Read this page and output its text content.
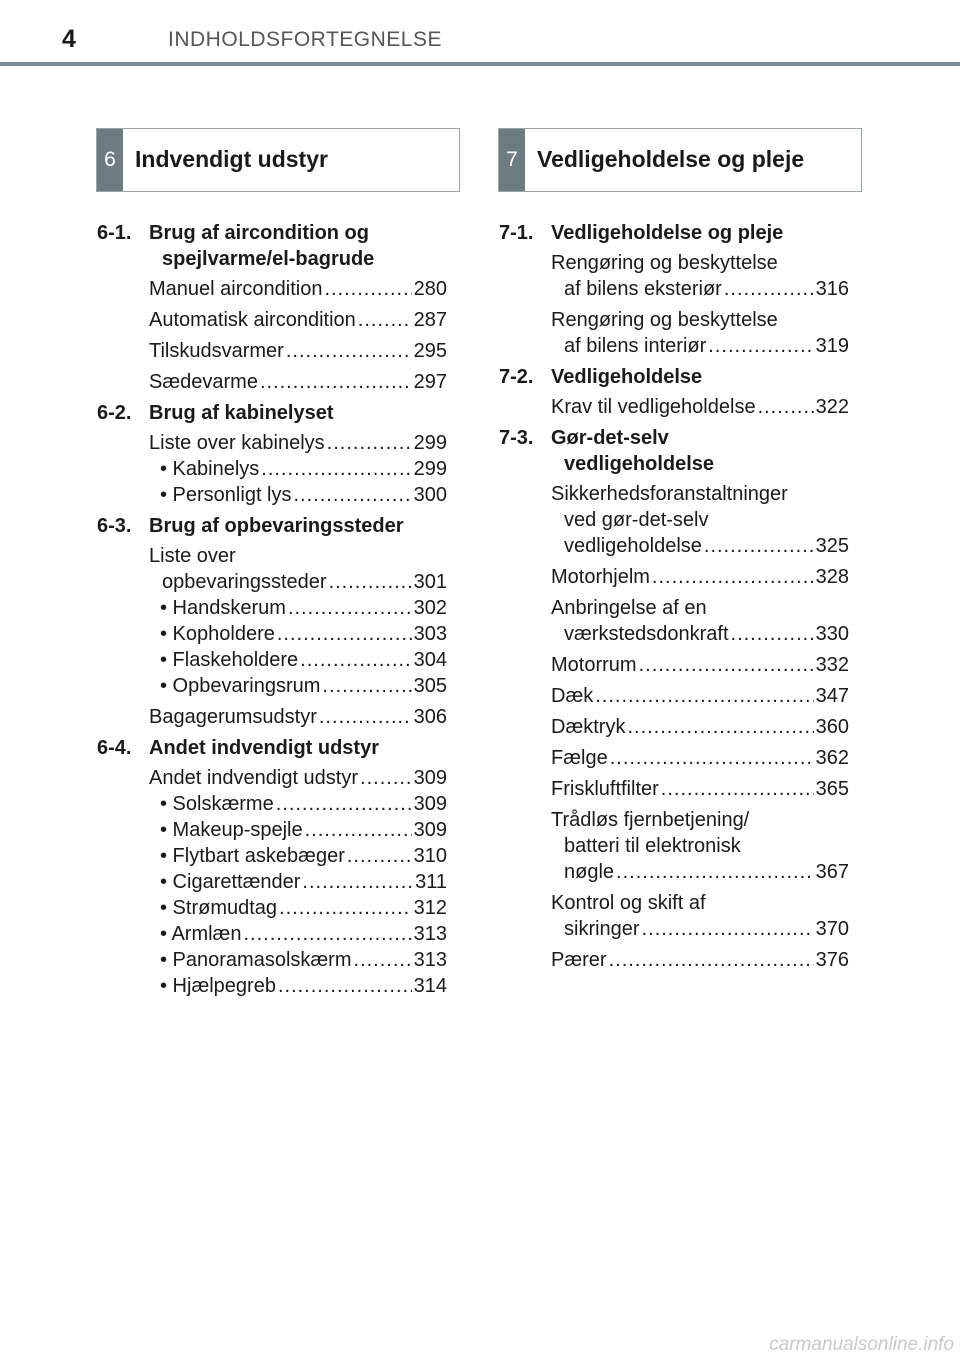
4	INDHOLDSFORTEGNELSE
6 Indvendigt udstyr	7 Vedligeholdelse og pleje
6-1. Brug af aircondition og
spejlvarme/el-bagrude
Manuel aircondition .....	280
Automatisk aircondition .....	287
Tilskudsvarmer .....	295
Sædevarme .....	297
6-2. Brug af kabinelyset
Liste over kabinelys .....	299
• Kabinelys .....	299
• Personligt lys .....	300
6-3. Brug af opbevaringssteder
Liste over
opbevaringssteder .....	301
• Handskerum .....	302
• Kopholdere .....	303
• Flaskeholdere .....	304
• Opbevaringsrum .....	305
Bagagerumsudstyr .....	306
6-4. Andet indvendigt udstyr
Andet indvendigt udstyr .....	309
• Solskærme .....	309
• Makeup-spejle .....	309
• Flytbart askebæger .....	310
• Cigarettænder .....	311
• Strømudtag .....	312
• Armlæn .....	313
• Panoramasolskærm .....	313
• Hjælpegreb .....	314
7-1. Vedligeholdelse og pleje
Rengøring og beskyttelse
af bilens eksteriør .....	316
Rengøring og beskyttelse
af bilens interiør .....	319
7-2. Vedligeholdelse
Krav til vedligeholdelse .....	322
7-3. Gør-det-selv
vedligeholdelse
Sikkerhedsforanstaltninger
ved gør-det-selv
vedligeholdelse .....	325
Motorhjelm .....	328
Anbringelse af en
værkstedsdonkraft .....	330
Motorrum .....	332
Dæk .....	347
Dæktryk .....	360
Fælge .....	362
Friskluftfilter .....	365
Trådløs fjernbetjening/
batteri til elektronisk
nøgle .....	367
Kontrol og skift af
sikringer .....	370
Pærer .....	376
carmanualsonline.info
